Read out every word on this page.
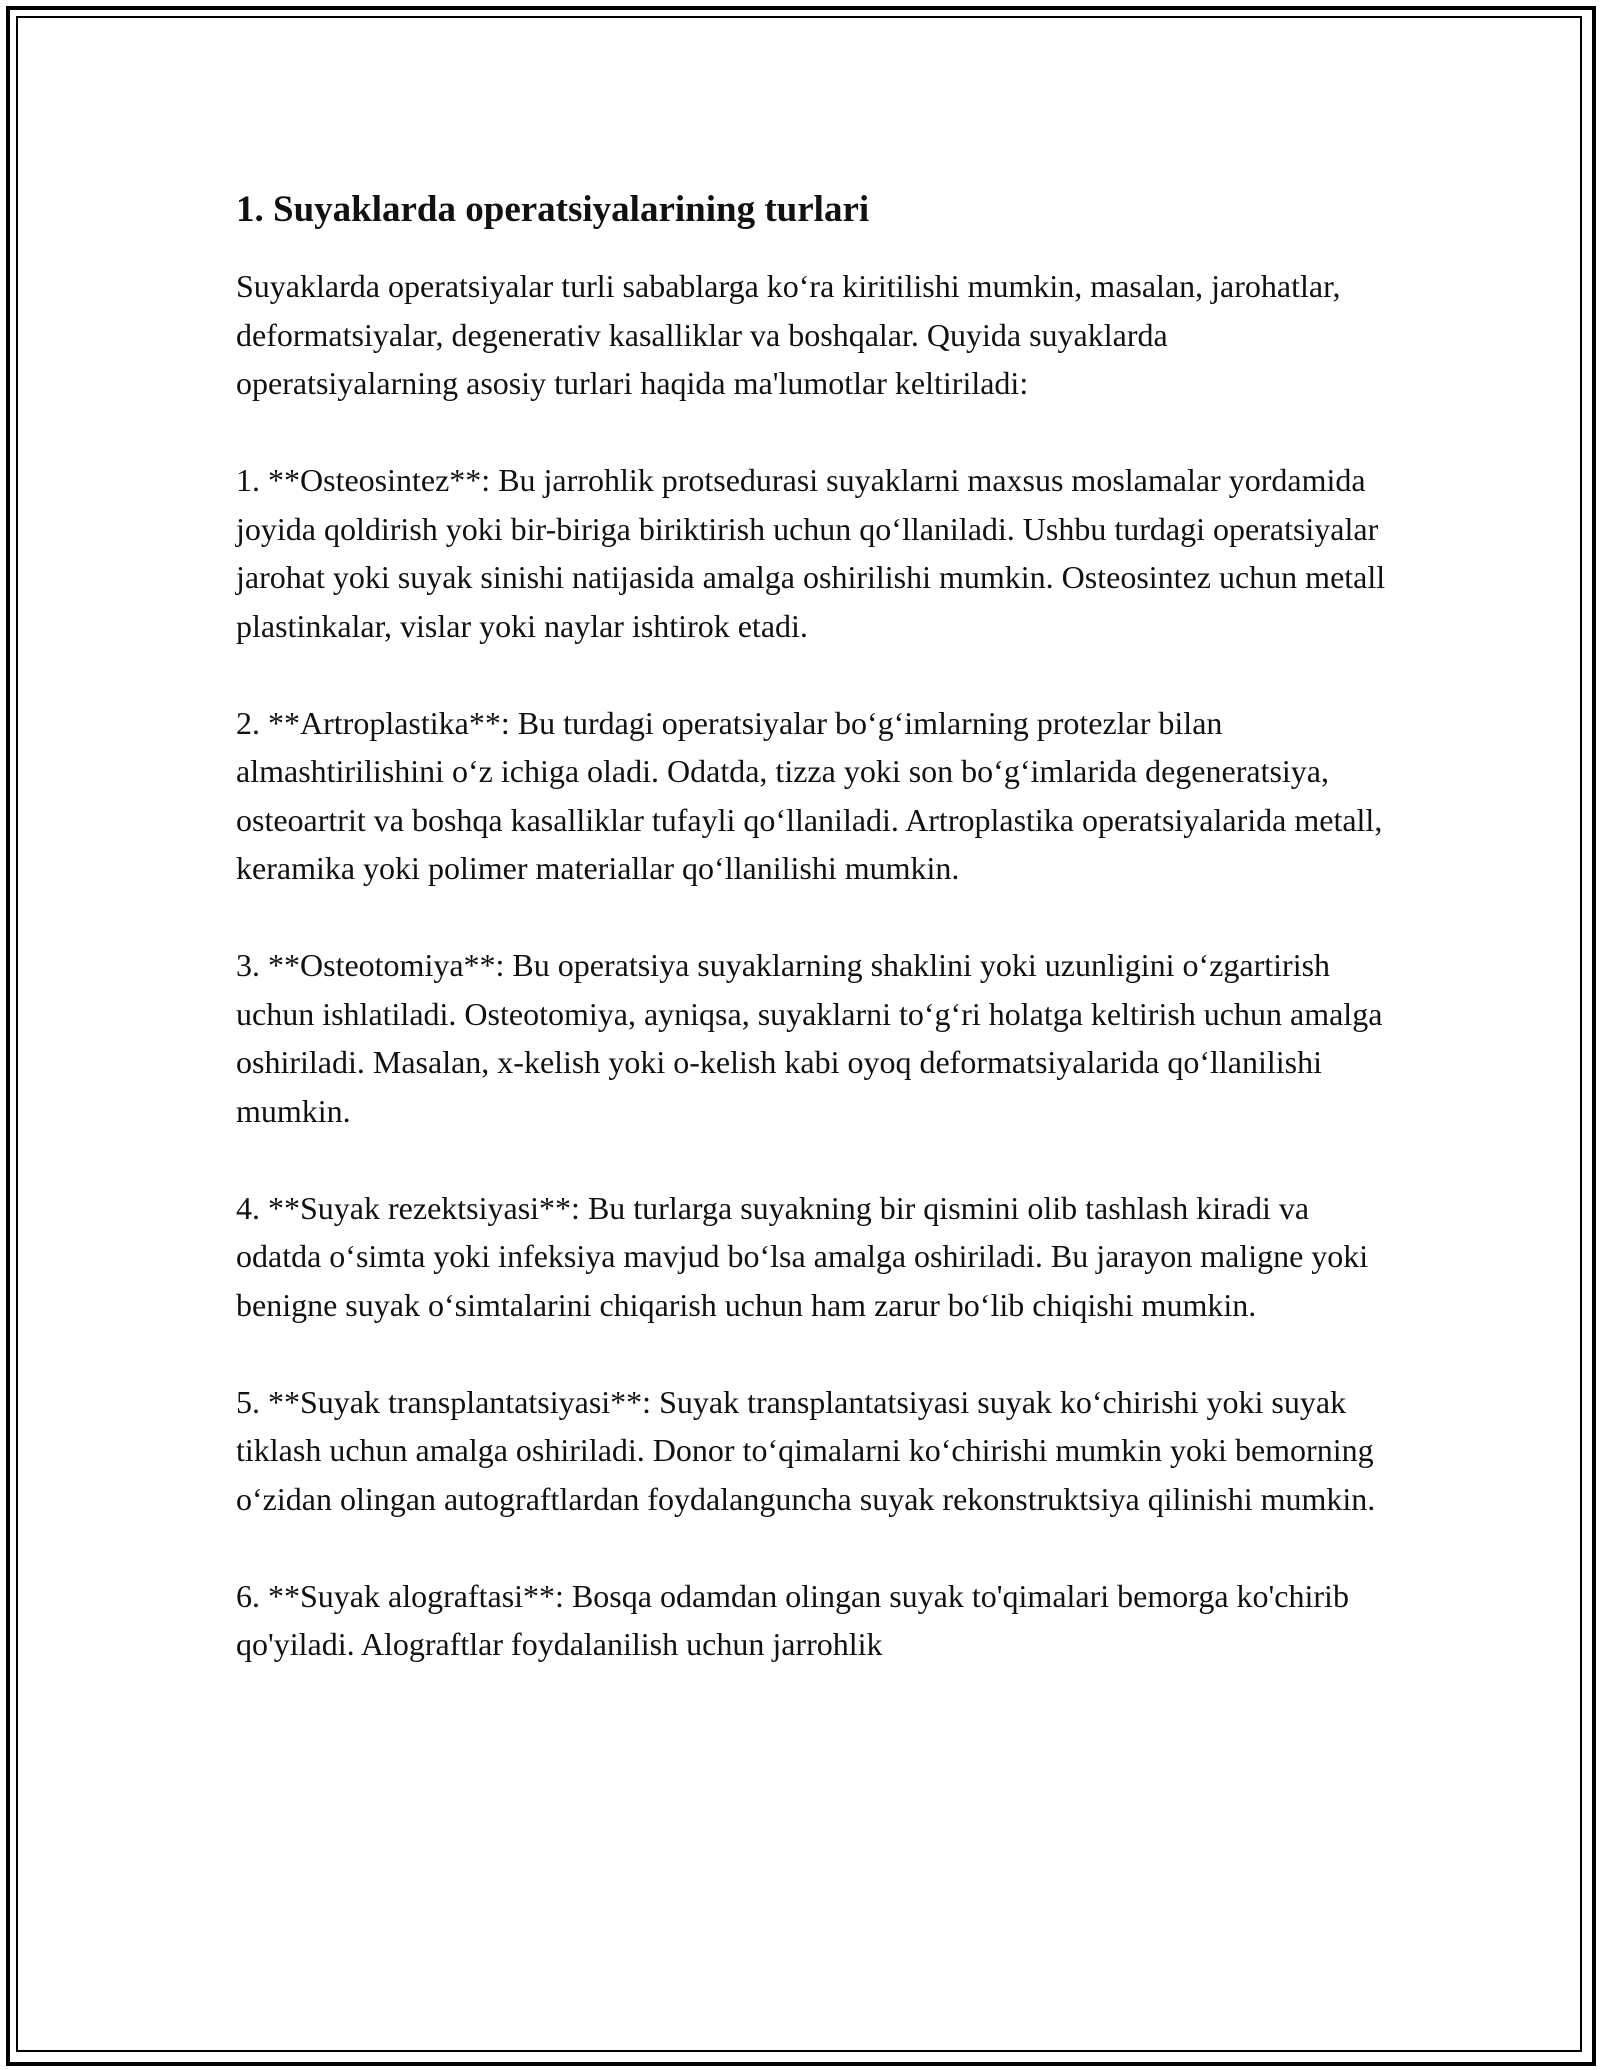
1. Suyaklarda operatsiyalarining turlari

Suyaklarda operatsiyalar turli sabablarga ko‘ra kiritilishi mumkin, masalan, jarohatlar, deformatsiyalar, degenerativ kasalliklar va boshqalar. Quyida suyaklarda operatsiyalarning asosiy turlari haqida ma'lumotlar keltiriladi:

1. **Osteosintez**: Bu jarrohlik protsedurasi suyaklarni maxsus moslamalar yordamida joyida qoldirish yoki bir-biriga biriktirish uchun qo‘llaniladi. Ushbu turdagi operatsiyalar jarohat yoki suyak sinishi natijasida amalga oshirilishi mumkin. Osteosintez uchun metall plastinkalar, vislar yoki naylar ishtirok etadi.

2. **Artroplastika**: Bu turdagi operatsiyalar bo‘g‘imlarning protezlar bilan almashtirilishini o‘z ichiga oladi. Odatda, tizza yoki son bo‘g‘imlarida degeneratsiya, osteoartrit va boshqa kasalliklar tufayli qo‘llaniladi. Artroplastika operatsiyalarida metall, keramika yoki polimer materiallar qo‘llanilishi mumkin.

3. **Osteotomiya**: Bu operatsiya suyaklarning shaklini yoki uzunligini o‘zgartirish uchun ishlatiladi. Osteotomiya, ayniqsa, suyaklarni to‘g‘ri holatga keltirish uchun amalga oshiriladi. Masalan, x-kelish yoki o-kelish kabi oyoq deformatsiyalarida qo‘llanilishi mumkin.

4. **Suyak rezektsiyasi**: Bu turlarga suyakning bir qismini olib tashlash kiradi va odatda o‘simta yoki infeksiya mavjud bo‘lsa amalga oshiriladi. Bu jarayon maligne yoki benigne suyak o‘simtalarini chiqarish uchun ham zarur bo‘lib chiqishi mumkin.

5. **Suyak transplantatsiyasi**: Suyak transplantatsiyasi suyak ko‘chirishi yoki suyak tiklash uchun amalga oshiriladi. Donor to‘qimalarni ko‘chirishi mumkin yoki bemorning o‘zidan olingan autograftlardan foydalanguncha suyak rekonstruktsiya qilinishi mumkin.

6. **Suyak alograftasi**: Bosqa odamdan olingan suyak to'qimalari bemorga ko'chirib qo'yiladi. Alograftlar foydalanilish uchun jarrohlik
